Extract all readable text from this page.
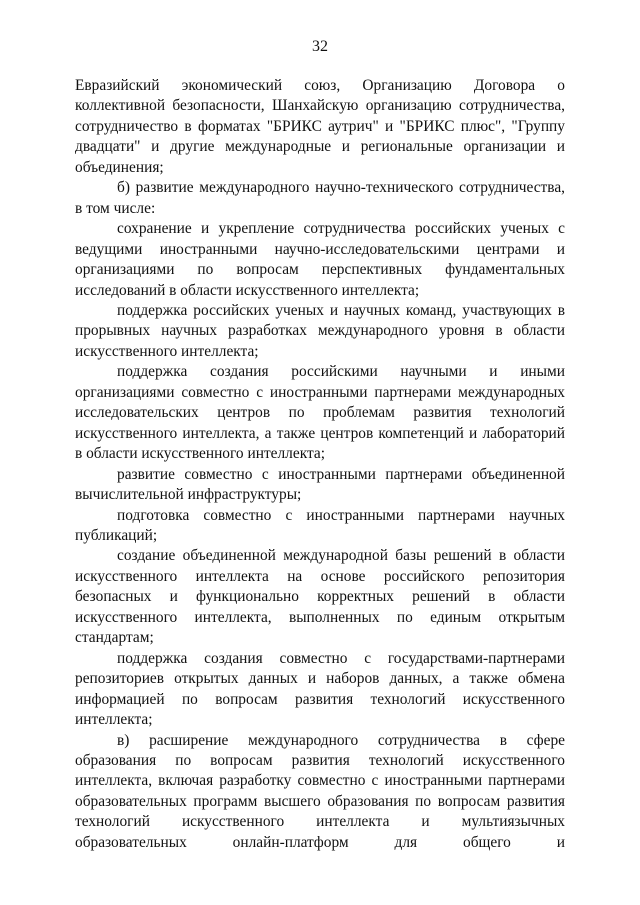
32

Евразийский экономический союз, Организацию Договора о коллективной безопасности, Шанхайскую организацию сотрудничества, сотрудничество в форматах "БРИКС аутрич" и "БРИКС плюс", "Группу двадцати" и другие международные и региональные организации и объединения;

б) развитие международного научно-технического сотрудничества, в том числе:

сохранение и укрепление сотрудничества российских ученых с ведущими иностранными научно-исследовательскими центрами и организациями по вопросам перспективных фундаментальных исследований в области искусственного интеллекта;

поддержка российских ученых и научных команд, участвующих в прорывных научных разработках международного уровня в области искусственного интеллекта;

поддержка создания российскими научными и иными организациями совместно с иностранными партнерами международных исследовательских центров по проблемам развития технологий искусственного интеллекта, а также центров компетенций и лабораторий в области искусственного интеллекта;

развитие совместно с иностранными партнерами объединенной вычислительной инфраструктуры;

подготовка совместно с иностранными партнерами научных публикаций;

создание объединенной международной базы решений в области искусственного интеллекта на основе российского репозитория безопасных и функционально корректных решений в области искусственного интеллекта, выполненных по единым открытым стандартам;

поддержка создания совместно с государствами-партнерами репозиториев открытых данных и наборов данных, а также обмена информацией по вопросам развития технологий искусственного интеллекта;

в) расширение международного сотрудничества в сфере образования по вопросам развития технологий искусственного интеллекта, включая разработку совместно с иностранными партнерами образовательных программ высшего образования по вопросам развития технологий искусственного интеллекта и мультиязычных образовательных онлайн-платформ для общего и
